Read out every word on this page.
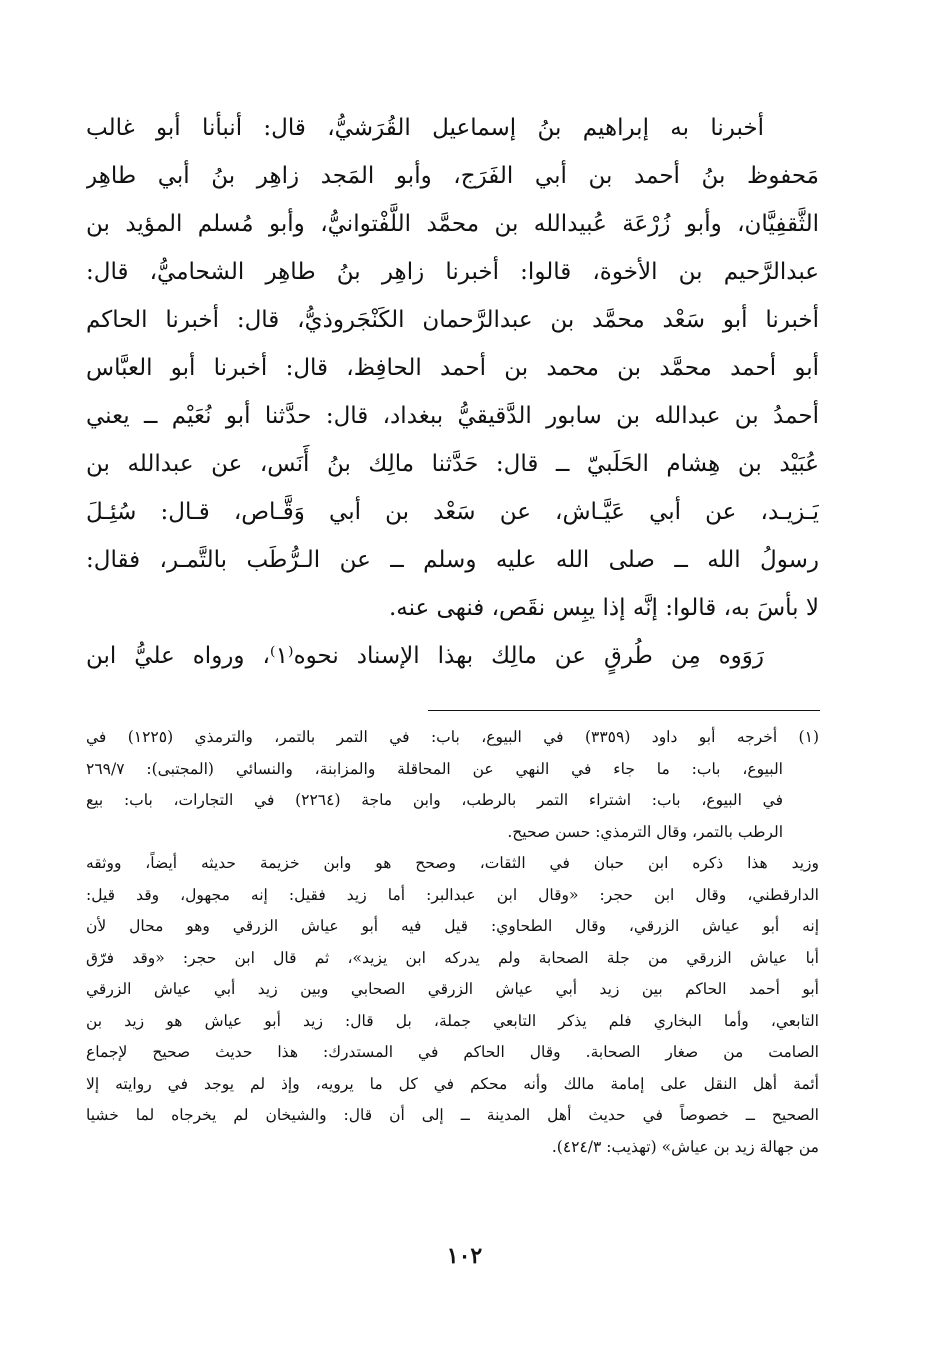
أخبرنا به إبراهيم بنُ إسماعيل القُرَشيُّ، قال: أنبأنا أبو غالب
مَحفوظ بنُ أحمد بن أبي الفَرَج، وأبو المَجد زاهِر بنُ أبي طاهِر
الثَّقفِيَّان، وأبو زُرْعَة عُبيدالله بن محمَّد اللَّفْتوانيُّ، وأبو مُسلم المؤيد بن
عبدالرَّحيم بن الأخوة، قالوا: أخبرنا زاهِر بنُ طاهِر الشحاميُّ، قال:
أخبرنا أبو سَعْد محمَّد بن عبدالرَّحمان الكَنْجَروذيُّ، قال: أخبرنا الحاكم
أبو أحمد محمَّد بن محمد بن أحمد الحافِظ، قال: أخبرنا أبو العبَّاس
أحمدُ بن عبدالله بن سابور الدَّقيقيُّ ببغداد، قال: حدَّثنا أبو نُعَيْم ــ يعني
عُبَيْد بن هِشام الحَلَبيّ ــ قال: حَدَّثنا مالِك بنُ أَنَس، عن عبدالله بن
يَـزيـد، عن أبي عَيَّـاش، عن سَعْد بن أبي وَقَّـاص، قـال: سُئِـلَ
رسولُ الله ــ صلى الله عليه وسلم ــ عن الـرُّطَب بالتَّمـر، فقال:
لا بأسَ به، قالوا: إنَّه إذا يبِس نقَص، فنهى عنه.
رَوَوه مِن طُرقٍ عن مالِك بهذا الإسناد نحوه⁽١⁾، ورواه عليُّ ابن
(١) أخرجه أبو داود (٣٣٥٩) في البيوع، باب: في التمر بالتمر، والترمذي (١٢٢٥) في
البيوع، باب: ما جاء في النهي عن المحاقلة والمزابنة، والنسائي (المجتبى): ٢٦٩/٧
في البيوع، باب: اشتراء التمر بالرطب، وابن ماجة (٢٢٦٤) في التجارات، باب: بيع
الرطب بالتمر، وقال الترمذي: حسن صحيح.
وزيد هذا ذكره ابن حبان في الثقات، وصحح هو وابن خزيمة حديثه أيضاً، ووثقه
الدارقطني، وقال ابن حجر: «وقال ابن عبدالبر: أما زيد فقيل: إنه مجهول، وقد قيل:
إنه أبو عياش الزرقي، وقال الطحاوي: قيل فيه أبو عياش الزرقي وهو محال لأن
أبا عياش الزرقي من جلة الصحابة ولم يدركه ابن يزيد»، ثم قال ابن حجر: «وقد فرّق
أبو أحمد الحاكم بين زيد أبي عياش الزرقي الصحابي وبين زيد أبي عياش الزرقي
التابعي، وأما البخاري فلم يذكر التابعي جملة، بل قال: زيد أبو عياش هو زيد بن
الصامت من صغار الصحابة. وقال الحاكم في المستدرك: هذا حديث صحيح لإجماع
أئمة أهل النقل على إمامة مالك وأنه محكم في كل ما يرويه، وإذ لم يوجد في روايته إلا
الصحيح ــ خصوصاً في حديث أهل المدينة ــ إلى أن قال: والشيخان لم يخرجاه لما خشيا
من جهالة زيد بن عياش» (تهذيب: ٤٢٤/٣).
١٠٢
